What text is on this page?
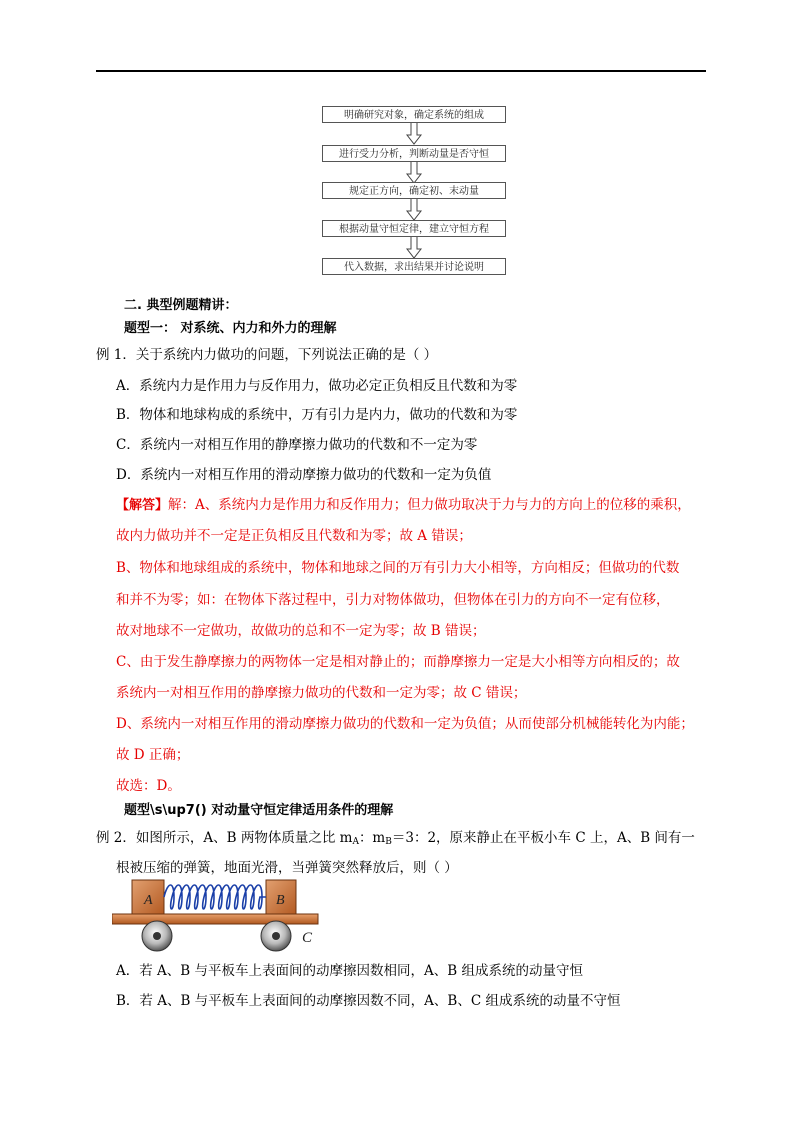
明确研究对象，确定系统的组成
进行受力分析，判断动量是否守恒
规定正方向，确定初、末动量
根据动量守恒定律，建立守恒方程
代入数据，求出结果并讨论说明
二. 典型例题精讲：
题型一： 对系统、内力和外力的理解
例 1．关于系统内力做功的问题，下列说法正确的是（ ）
A．系统内力是作用力与反作用力，做功必定正负相反且代数和为零
B．物体和地球构成的系统中，万有引力是内力，做功的代数和为零
C．系统内一对相互作用的静摩擦力做功的代数和不一定为零
D．系统内一对相互作用的滑动摩擦力做功的代数和一定为负值
【解答】解：A、系统内力是作用力和反作用力；但力做功取决于力与力的方向上的位移的乘积，
故内力做功并不一定是正负相反且代数和为零；故 A 错误；
B、物体和地球组成的系统中，物体和地球之间的万有引力大小相等，方向相反；但做功的代数
和并不为零；如：在物体下落过程中，引力对物体做功，但物体在引力的方向不一定有位移，
故对地球不一定做功，故做功的总和不一定为零；故 B 错误；
C、由于发生静摩擦力的两物体一定是相对静止的；而静摩擦力一定是大小相等方向相反的；故
系统内一对相互作用的静摩擦力做功的代数和一定为零；故 C 错误；
D、系统内一对相互作用的滑动摩擦力做功的代数和一定为负值；从而使部分机械能转化为内能；
故 D 正确；
故选：D。
题型\s\up7() 对动量守恒定律适用条件的理解
例 2．如图所示，A、B 两物体质量之比 $m_A$：$m_B=3$：2，原来静止在平板小车 C 上，A、B 间有一
根被压缩的弹簧，地面光滑，当弹簧突然释放后，则（ ）
A	B
C
A．若 A、B 与平板车上表面间的动摩擦因数相同，A、B 组成系统的动量守恒
B．若 A、B 与平板车上表面间的动摩擦因数不同，A、B、C 组成系统的动量不守恒
